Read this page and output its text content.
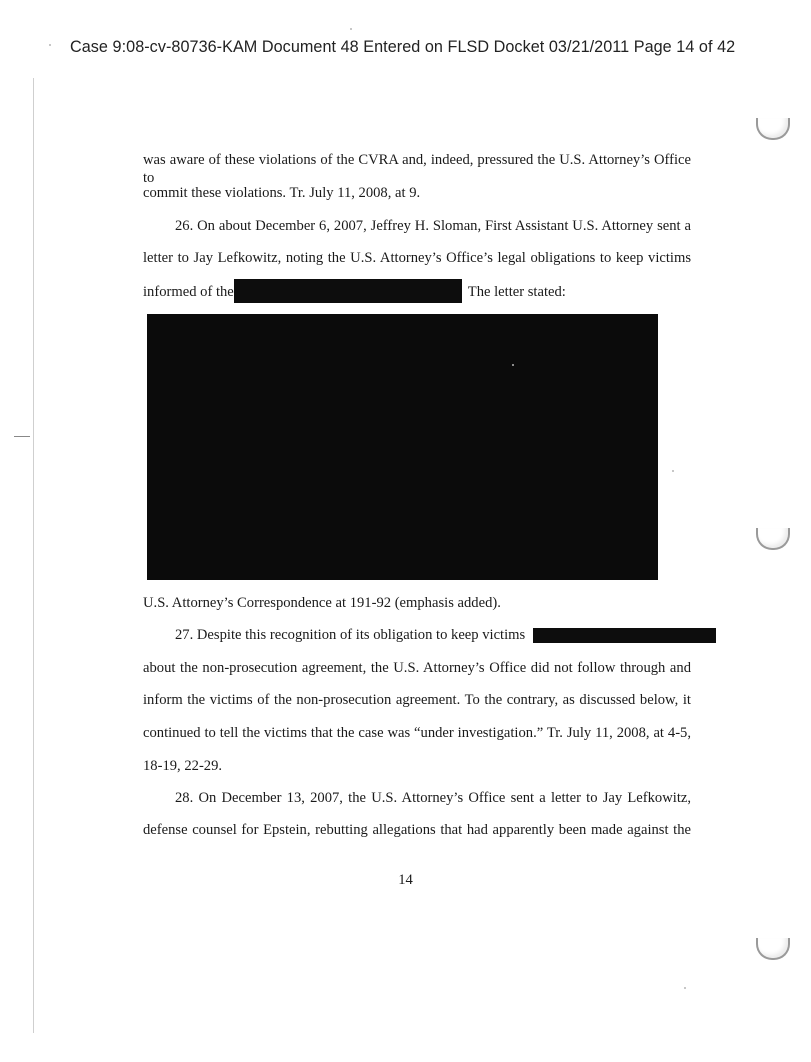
Case 9:08-cv-80736-KAM Document 48 Entered on FLSD Docket 03/21/2011 Page 14 of 42
was aware of these violations of the CVRA and, indeed, pressured the U.S. Attorney’s Office to
commit these violations. Tr. July 11, 2008, at 9.
26. On about December 6, 2007, Jeffrey H. Sloman, First Assistant U.S. Attorney sent a
letter to Jay Lefkowitz, noting the U.S. Attorney’s Office’s legal obligations to keep victims
informed of the	The letter stated:
U.S. Attorney’s Correspondence at 191-92 (emphasis added).
27. Despite this recognition of its obligation to keep victims
about the non-prosecution agreement, the U.S. Attorney’s Office did not follow through and
inform the victims of the non-prosecution agreement. To the contrary, as discussed below, it
continued to tell the victims that the case was “under investigation.” Tr. July 11, 2008, at 4-5,
18-19, 22-29.
28. On December 13, 2007, the U.S. Attorney’s Office sent a letter to Jay Lefkowitz,
defense counsel for Epstein, rebutting allegations that had apparently been made against the
14
